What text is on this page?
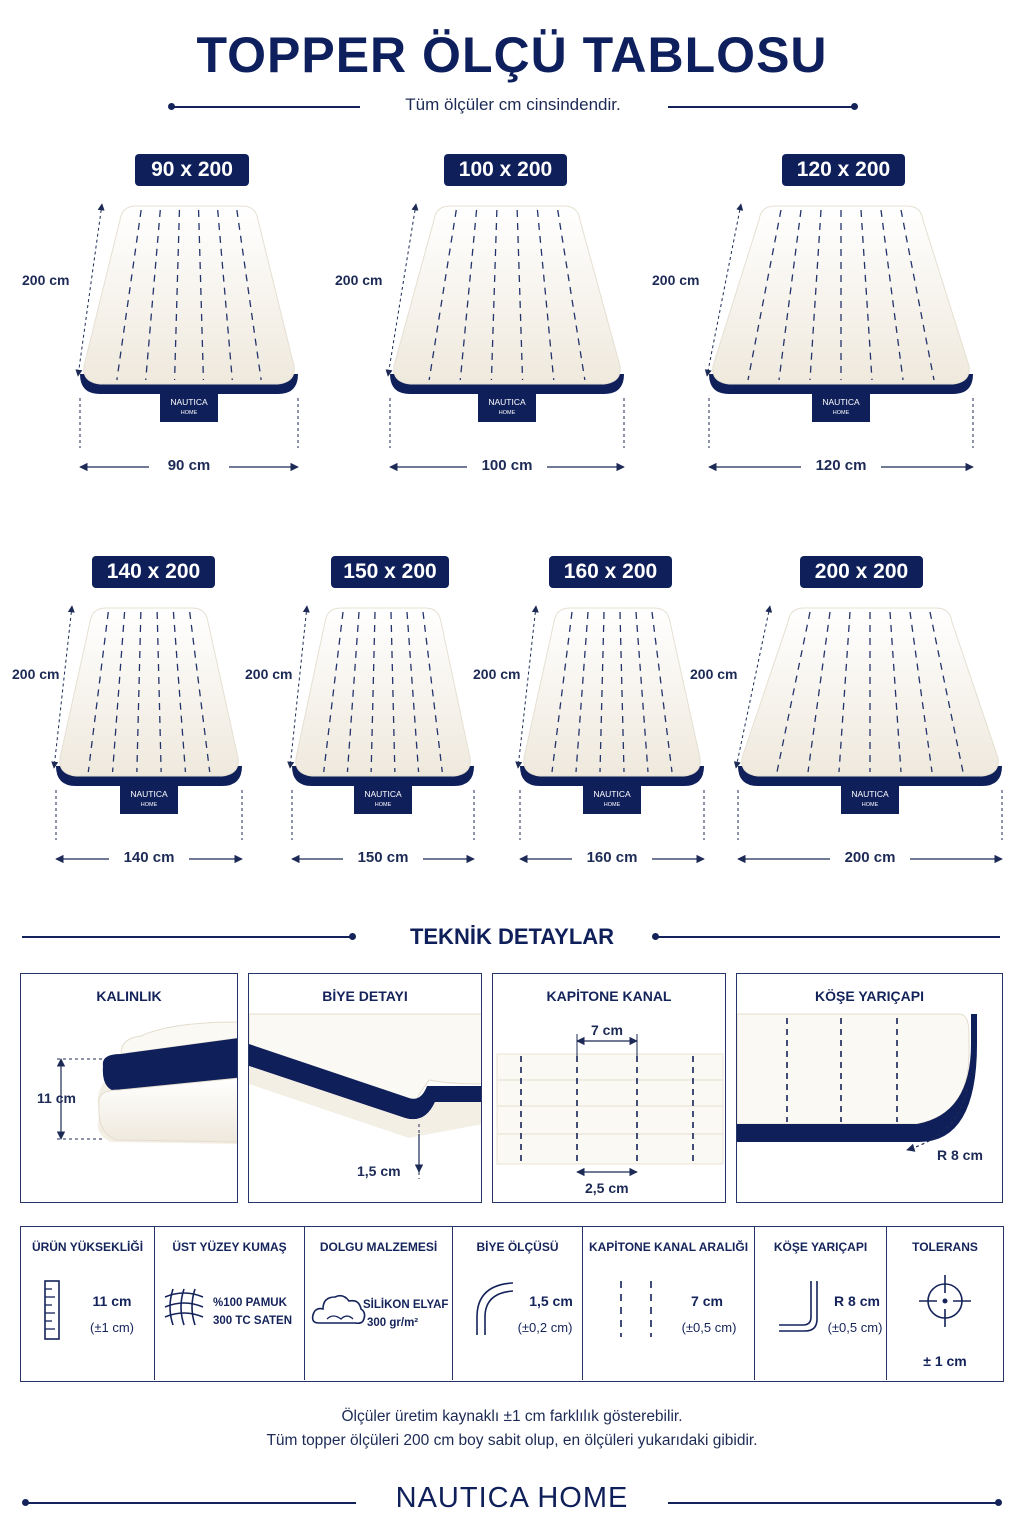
TOPPER ÖLÇÜ TABLOSU
Tüm ölçüler cm cinsindendir.
90 x 200
NAUTICA
HOME
200 cm
90 cm
100 x 200
NAUTICA
HOME
200 cm
100 cm
120 x 200
NAUTICA
HOME
200 cm
120 cm
140 x 200
NAUTICA
HOME
200 cm
140 cm
150 x 200
NAUTICA
HOME
200 cm
150 cm
160 x 200
NAUTICA
HOME
200 cm
160 cm
200 x 200
NAUTICA
HOME
200 cm
200 cm
TEKNİK DETAYLAR
KALINLIK
11 cm
BİYE DETAYI
1,5 cm
KAPİTONE KANAL
7 cm
2,5 cm
KÖŞE YARIÇAPI
R 8 cm
ÜRÜN YÜKSEKLİĞİ
11 cm
(±1 cm)
ÜST YÜZEY KUMAŞ
%100 PAMUK
300 TC SATEN
DOLGU MALZEMESİ
SİLİKON ELYAF
300 gr/m²
BİYE ÖLÇÜSÜ
1,5 cm
(±0,2 cm)
KAPİTONE KANAL ARALIĞI
7 cm
(±0,5 cm)
KÖŞE YARIÇAPI
R 8 cm
(±0,5 cm)
TOLERANS
± 1 cm
Ölçüler üretim kaynaklı ±1 cm farklılık gösterebilir.
Tüm topper ölçüleri 200 cm boy sabit olup, en ölçüleri yukarıdaki gibidir.
NAUTICA HOME
